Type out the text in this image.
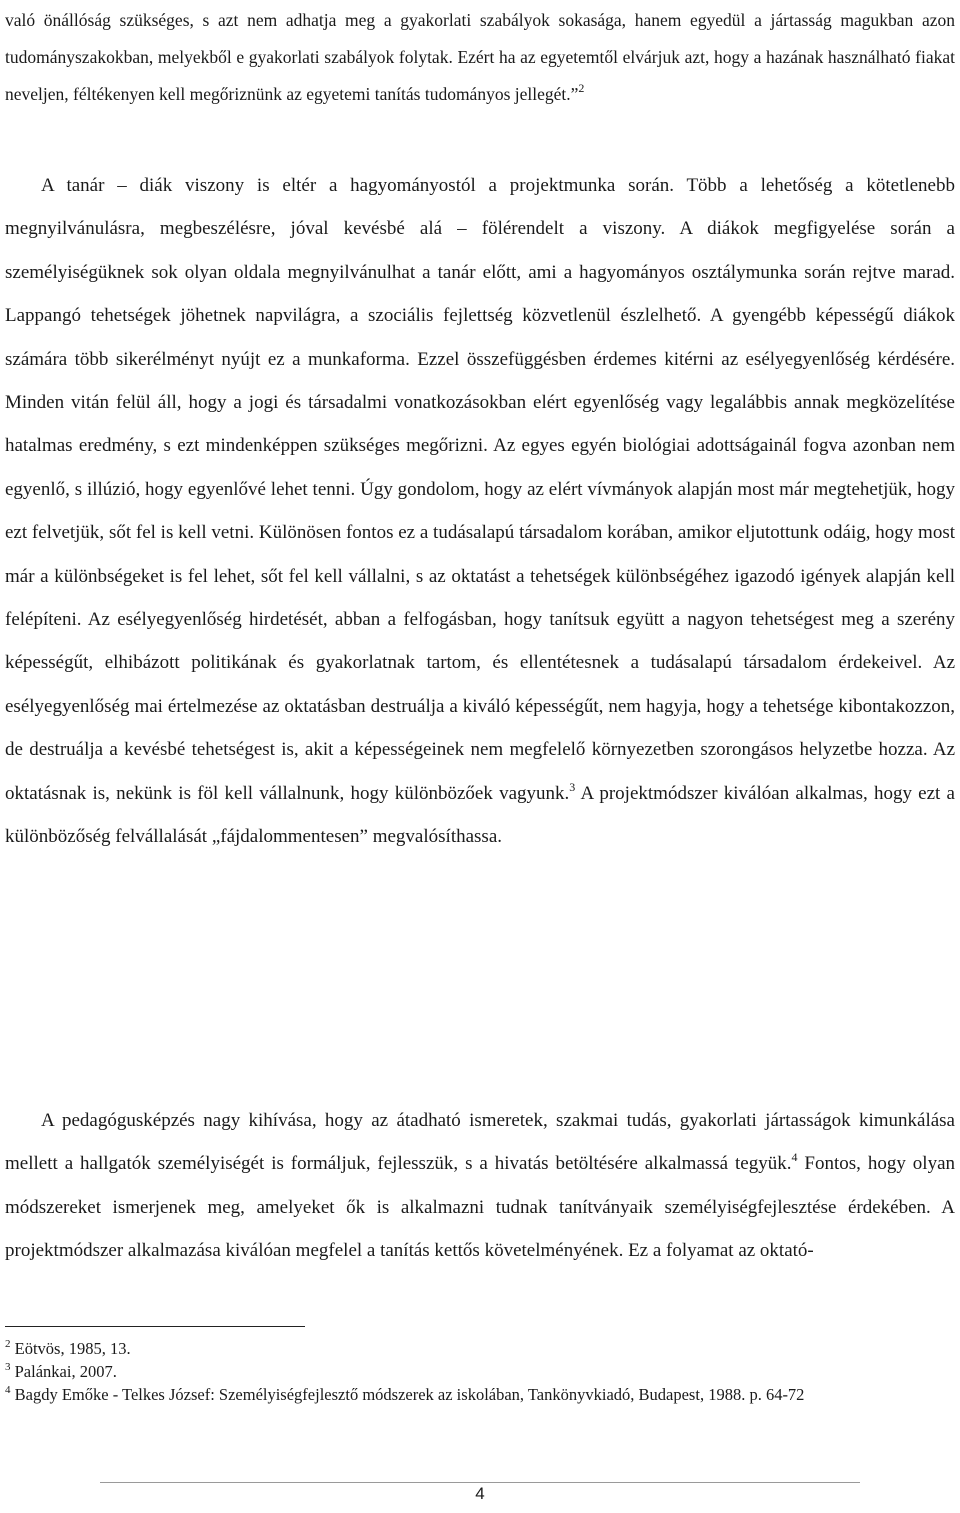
való önállóság szükséges, s azt nem adhatja meg a gyakorlati szabályok sokasága, hanem egyedül a jártasság magukban azon tudományszakokban, melyekből e gyakorlati szabályok folytak. Ezért ha az egyetemtől elvárjuk azt, hogy a hazának használható fiakat neveljen, féltékenyen kell megőriznünk az egyetemi tanítás tudományos jellegét.”$^2$

A tanár – diák viszony is eltér a hagyományostól a projektmunka során. Több a lehetőség a kötetlenebb megnyilvánulásra, megbeszélésre, jóval kevésbé alá – fölérendelt a viszony. A diákok megfigyelése során a személyiségüknek sok olyan oldala megnyilvánulhat a tanár előtt, ami a hagyományos osztálymunka során rejtve marad. Lappangó tehetségek jöhetnek napvilágra, a szociális fejlettség közvetlenül észlelhető. A gyengébb képességű diákok számára több sikerélményt nyújt ez a munkaforma. Ezzel összefüggésben érdemes kitérni az esélyegyenlőség kérdésére. Minden vitán felül áll, hogy a jogi és társadalmi vonatkozásokban elért egyenlőség vagy legalábbis annak megközelítése hatalmas eredmény, s ezt mindenképpen szükséges megőrizni. Az egyes egyén biológiai adottságainál fogva azonban nem egyenlő, s illúzió, hogy egyenlővé lehet tenni. Úgy gondolom, hogy az elért vívmányok alapján most már megtehetjük, hogy ezt felvetjük, sőt fel is kell vetni. Különösen fontos ez a tudásalapú társadalom korában, amikor eljutottunk odáig, hogy most már a különbségeket is fel lehet, sőt fel kell vállalni, s az oktatást a tehetségek különbségéhez igazodó igények alapján kell felépíteni. Az esélyegyenlőség hirdetését, abban a felfogásban, hogy tanítsuk együtt a nagyon tehetségest meg a szerény képességűt, elhibázott politikának és gyakorlatnak tartom, és ellentétesnek a tudásalapú társadalom érdekeivel. Az esélyegyenlőség mai értelmezése az oktatásban destruálja a kiváló képességűt, nem hagyja, hogy a tehetsége kibontakozzon, de destruálja a kevésbé tehetségest is, akit a képességeinek nem megfelelő környezetben szorongásos helyzetbe hozza. Az oktatásnak is, nekünk is föl kell vállalnunk, hogy különbözőek vagyunk.$^3$ A projektmódszer kiválóan alkalmas, hogy ezt a különbözőség felvállalását „fájdalommentesen” megvalósíthassa.

A pedagógusképzés nagy kihívása, hogy az átadható ismeretek, szakmai tudás, gyakorlati jártasságok kimunkálása mellett a hallgatók személyiségét is formáljuk, fejlesszük, s a hivatás betöltésére alkalmassá tegyük.$^4$ Fontos, hogy olyan módszereket ismerjenek meg, amelyeket ők is alkalmazni tudnak tanítványaik személyiségfejlesztése érdekében. A projektmódszer alkalmazása kiválóan megfelel a tanítás kettős követelményének. Ez a folyamat az oktató-

$^2$ Eötvös, 1985, 13.

$^3$ Palánkai, 2007.

$^4$ Bagdy Emőke - Telkes József: Személyiségfejlesztő módszerek az iskolában, Tankönyvkiadó, Budapest, 1988. p. 64-72

4
